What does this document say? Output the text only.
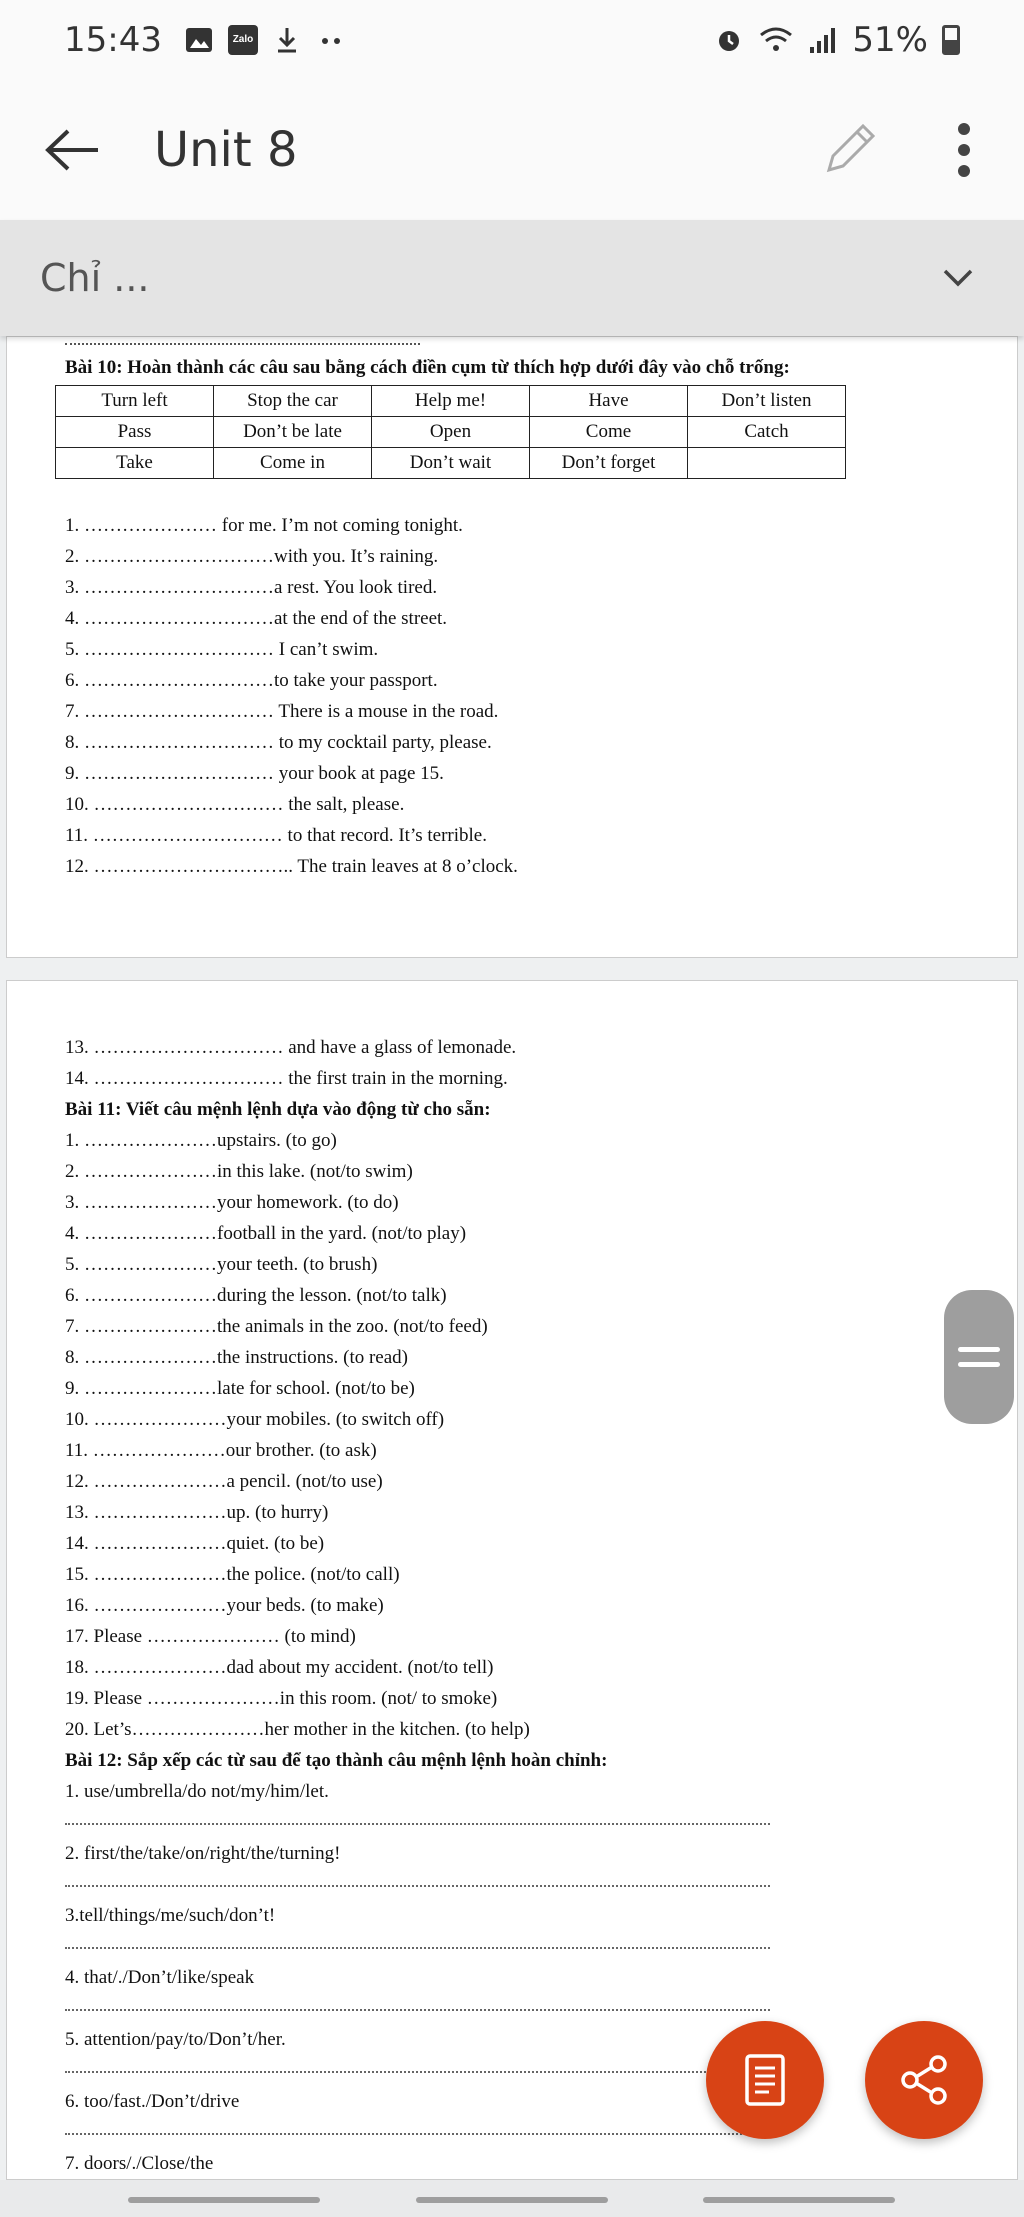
15:43	Zalo	51%
Unit 8
Chỉ ...
Bài 10: Hoàn thành các câu sau bằng cách điền cụm từ thích hợp dưới đây vào chỗ trống:
Turn left	Stop the car	Help me!	Have	Don’t listen
Pass	Don’t be late	Open	Come	Catch
Take	Come in	Don’t wait	Don’t forget	
1. ………………… for me. I’m not coming tonight.
2. …………………………with you. It’s raining.
3. …………………………a rest. You look tired.
4. …………………………at the end of the street.
5. ………………………… I can’t swim.
6. …………………………to take your passport.
7. ………………………… There is a mouse in the road.
8. ………………………… to my cocktail party, please.
9. ………………………… your book at page 15.
10. ………………………… the salt, please.
11. ………………………… to that record. It’s terrible.
12. ………………………….. The train leaves at 8 o’clock.
13. ………………………… and have a glass of lemonade.
14. ………………………… the first train in the morning.
Bài 11: Viết câu mệnh lệnh dựa vào động từ cho sẵn:
1. …………………upstairs. (to go)
2. …………………in this lake. (not/to swim)
3. …………………your homework. (to do)
4. …………………football in the yard. (not/to play)
5. …………………your teeth. (to brush)
6. …………………during the lesson. (not/to talk)
7. …………………the animals in the zoo. (not/to feed)
8. …………………the instructions. (to read)
9. …………………late for school. (not/to be)
10. …………………your mobiles. (to switch off)
11. …………………our brother. (to ask)
12. …………………a pencil. (not/to use)
13. …………………up. (to hurry)
14. …………………quiet. (to be)
15. …………………the police. (not/to call)
16. …………………your beds. (to make)
17. Please ………………… (to mind)
18. …………………dad about my accident. (not/to tell)
19. Please …………………in this room. (not/ to smoke)
20. Let’s…………………her mother in the kitchen. (to help)
Bài 12: Sắp xếp các từ sau để tạo thành câu mệnh lệnh hoàn chỉnh:
1. use/umbrella/do not/my/him/let.
2. first/the/take/on/right/the/turning!
3.tell/things/me/such/don’t!
4. that/./Don’t/like/speak
5. attention/pay/to/Don’t/her.
6. too/fast./Don’t/drive
7. doors/./Close/the
